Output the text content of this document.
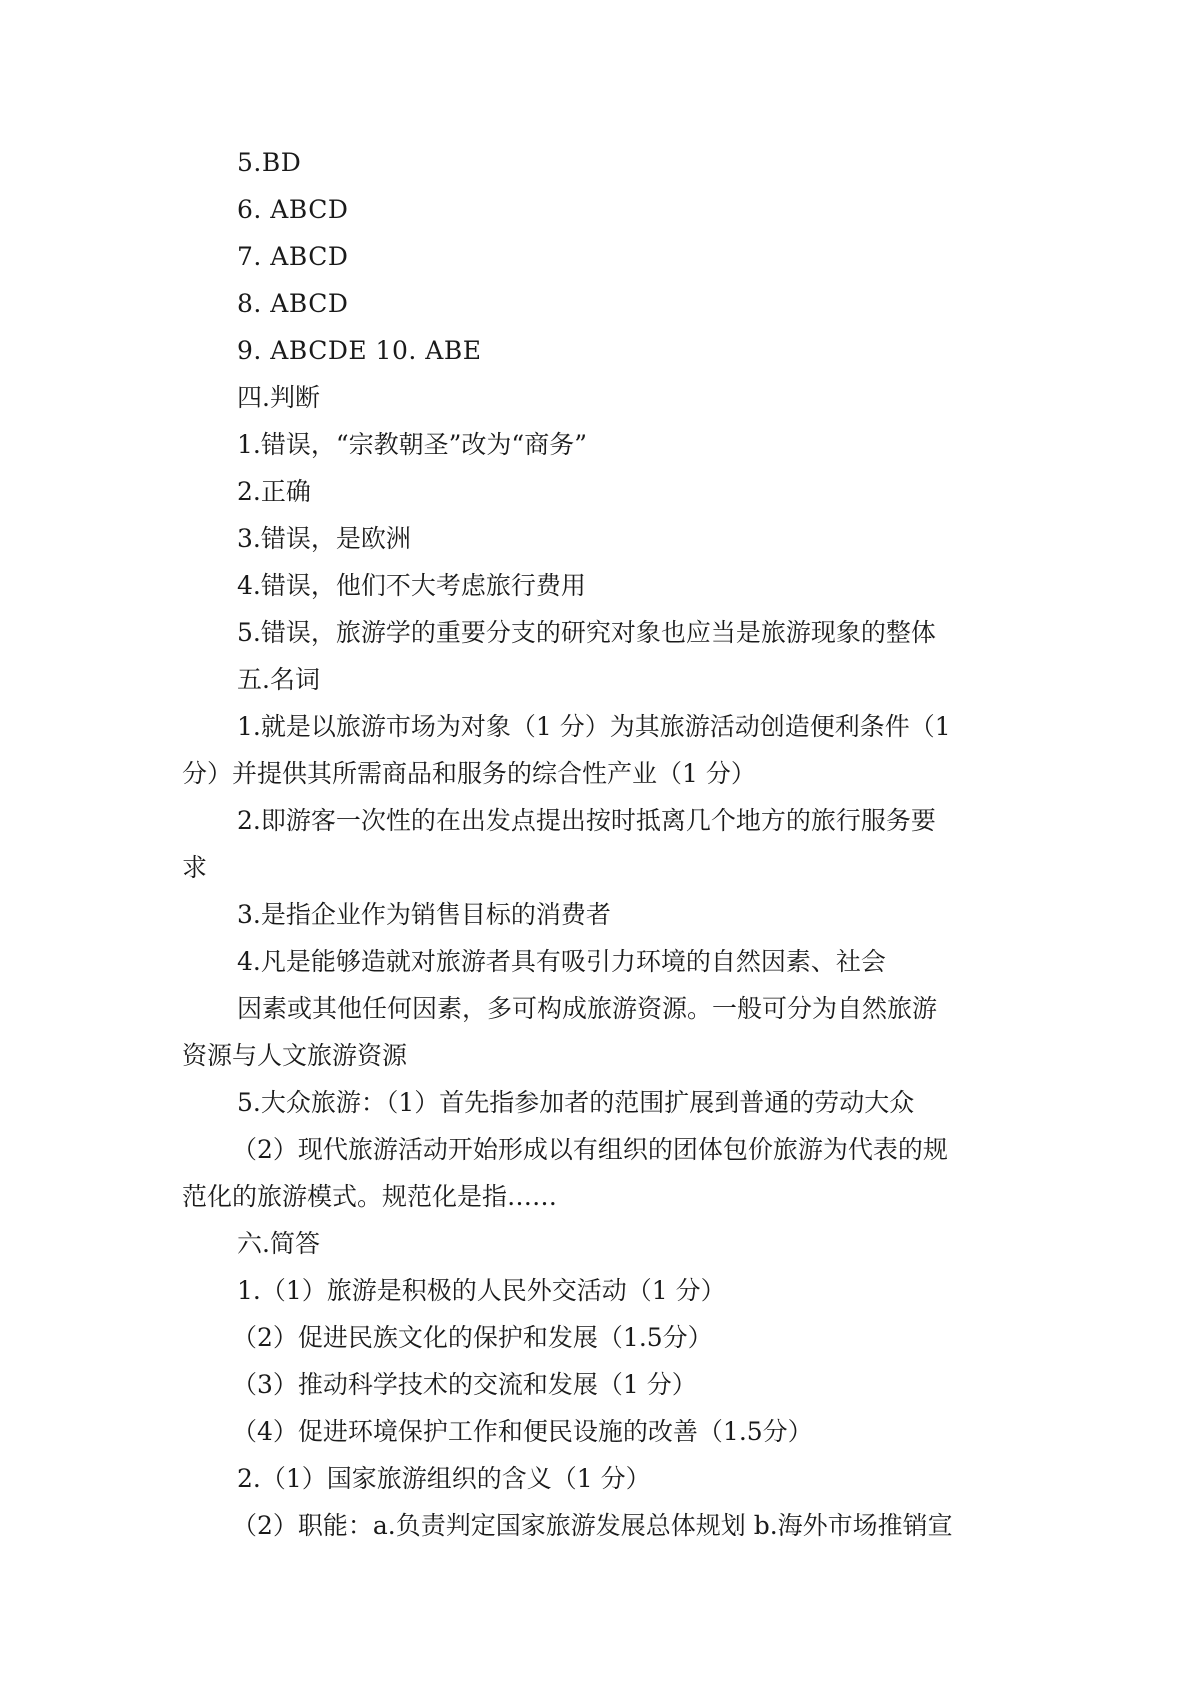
5.BD

6. ABCD

7. ABCD

8. ABCD

9. ABCDE 10. ABE

四.判断

1.错误，“宗教朝圣”改为“商务”

2.正确

3.错误，是欧洲

4.错误，他们不大考虑旅行费用

5.错误，旅游学的重要分支的研究对象也应当是旅游现象的整体

五.名词

1.就是以旅游市场为对象（1 分）为其旅游活动创造便利条件（1

分）并提供其所需商品和服务的综合性产业（1 分）

2.即游客一次性的在出发点提出按时抵离几个地方的旅行服务要

求

3.是指企业作为销售目标的消费者

4.凡是能够造就对旅游者具有吸引力环境的自然因素、社会

因素或其他任何因素，多可构成旅游资源。一般可分为自然旅游

资源与人文旅游资源

5.大众旅游：（1）首先指参加者的范围扩展到普通的劳动大众

（2）现代旅游活动开始形成以有组织的团体包价旅游为代表的规

范化的旅游模式。规范化是指……

六.简答

1.（1）旅游是积极的人民外交活动（1 分）

（2）促进民族文化的保护和发展（1.5分）

（3）推动科学技术的交流和发展（1 分）

（4）促进环境保护工作和便民设施的改善（1.5分）

2.（1）国家旅游组织的含义（1 分）

（2）职能：a.负责判定国家旅游发展总体规划 b.海外市场推销宣
